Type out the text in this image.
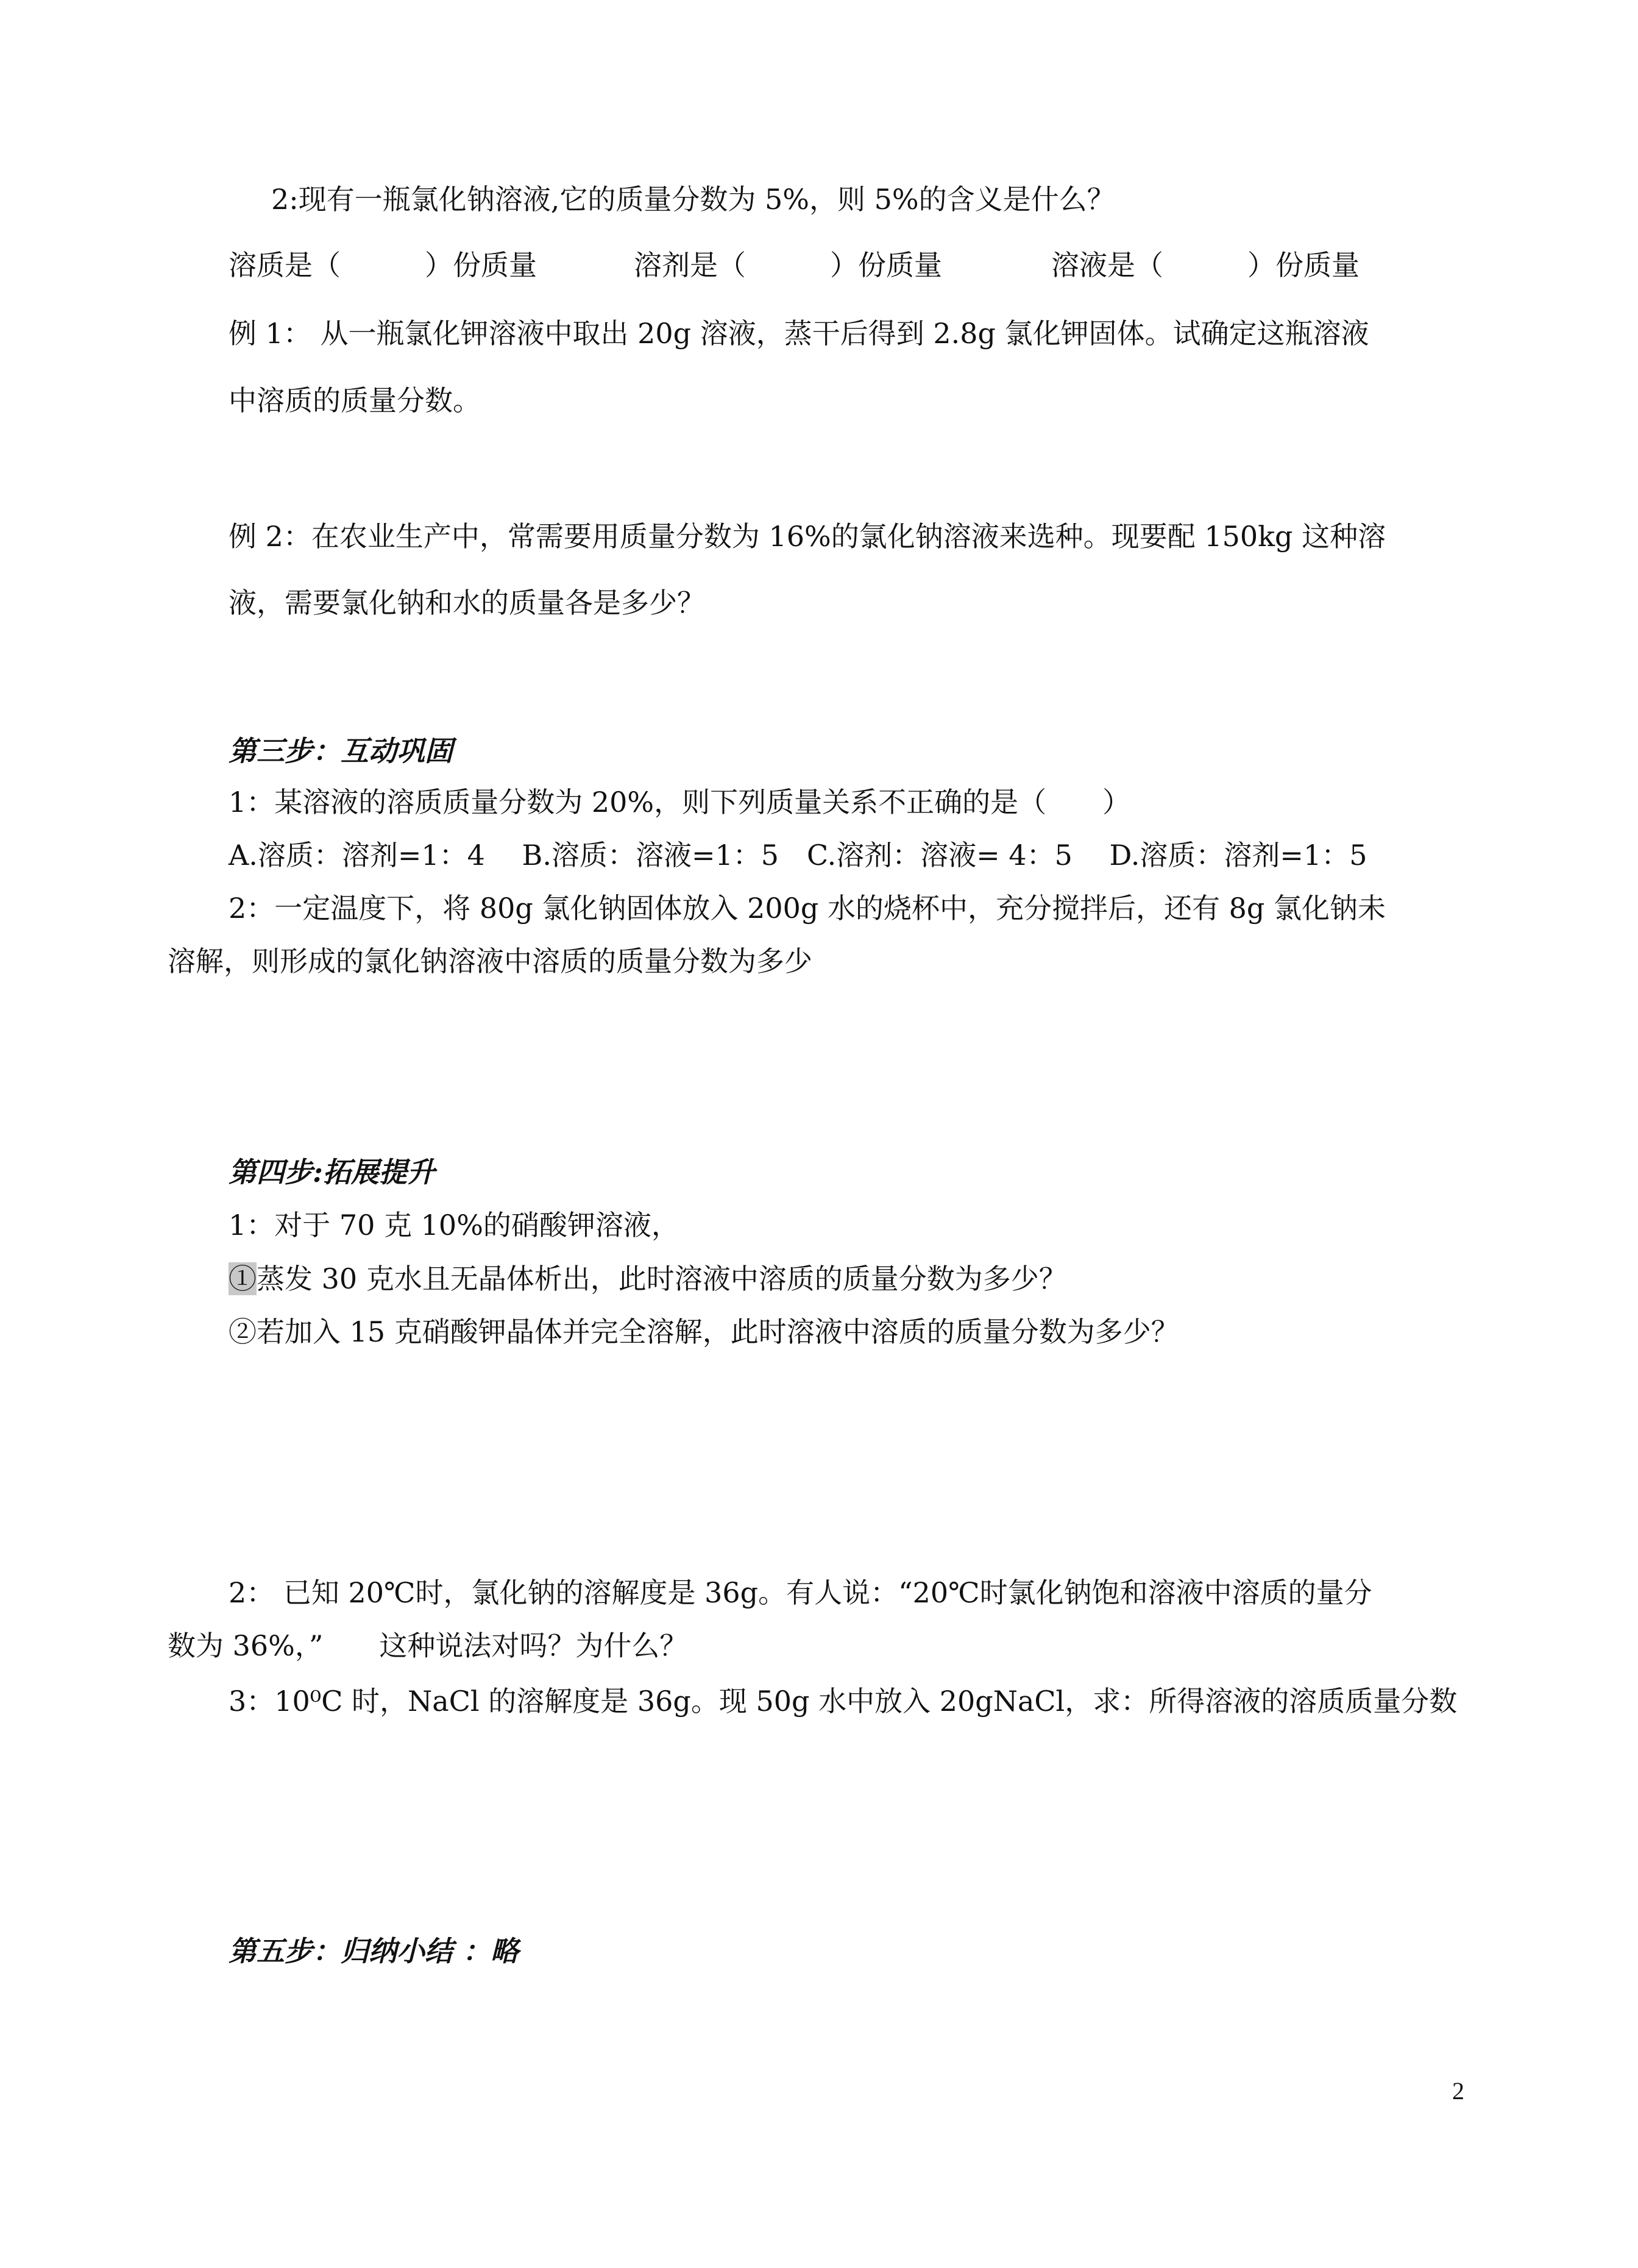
2:现有一瓶氯化钠溶液,它的质量分数为 5%，则 5%的含义是什么？
溶质是（　　　）份质量	溶剂是（　　　）份质量	溶液是（　　　）份质量
例 1： 从一瓶氯化钾溶液中取出 20g 溶液，蒸干后得到 2.8g 氯化钾固体。试确定这瓶溶液
中溶质的质量分数。
例 2：在农业生产中，常需要用质量分数为 16%的氯化钠溶液来选种。现要配 150kg 这种溶
液，需要氯化钠和水的质量各是多少？
第三步：互动巩固
1：某溶液的溶质质量分数为 20%，则下列质量关系不正确的是（　　）
A.溶质：溶剂=1：4　 B.溶质：溶液=1：5　C.溶剂：溶液= 4：5　 D.溶质：溶剂=1：5
2：一定温度下，将 80g 氯化钠固体放入 200g 水的烧杯中，充分搅拌后，还有 8g 氯化钠未
溶解，则形成的氯化钠溶液中溶质的质量分数为多少
第四步:拓展提升
1：对于 70 克 10%的硝酸钾溶液，
①蒸发 30 克水且无晶体析出，此时溶液中溶质的质量分数为多少？
②若加入 15 克硝酸钾晶体并完全溶解，此时溶液中溶质的质量分数为多少？
2： 已知 20℃时，氯化钠的溶解度是 36g。有人说：“20℃时氯化钠饱和溶液中溶质的量分
数为 36%，”　　这种说法对吗？为什么？
3：10⁰C 时，NaCl 的溶解度是 36g。现 50g 水中放入 20gNaCl，求：所得溶液的溶质质量分数
第五步：归纳小结 ：略
2
